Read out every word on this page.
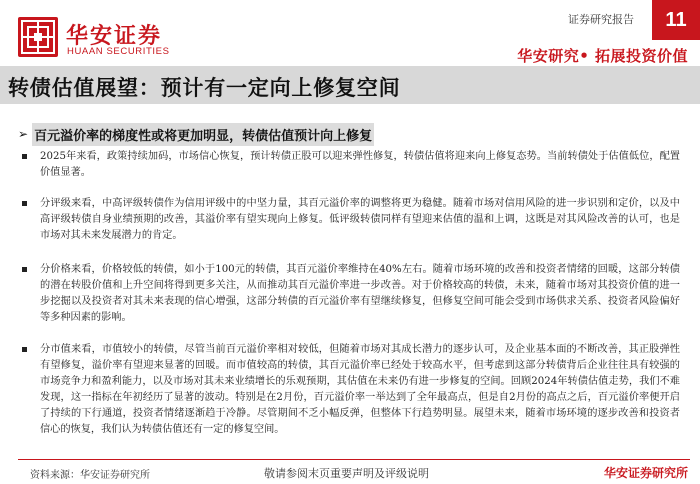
华安证券
HUAAN SECURITIES
证券研究报告	11
华安研究• 拓展投资价值
转债估值展望：预计有一定向上修复空间
➢ 百元溢价率的梯度性或将更加明显，转债估值预计向上修复
2025年来看，政策持续加码，市场信心恢复，预计转债正股可以迎来弹性修复，转债估值将迎来向上修复态势。当前转债处于估值低位，配置价值显著。
分评级来看，中高评级转债作为信用评级中的中坚力量，其百元溢价率的调整将更为稳健。随着市场对信用风险的进一步识别和定价，以及中高评级转债自身业绩预期的改善，其溢价率有望实现向上修复。低评级转债同样有望迎来估值的温和上调，这既是对其风险改善的认可，也是市场对其未来发展潜力的肯定。
分价格来看，价格较低的转债，如小于100元的转债，其百元溢价率维持在40%左右。随着市场环境的改善和投资者情绪的回暖，这部分转债的潜在转股价值和上升空间将得到更多关注，从而推动其百元溢价率进一步改善。对于价格较高的转债，未来，随着市场对其投资价值的进一步挖掘以及投资者对其未来表现的信心增强，这部分转债的百元溢价率有望继续修复，但修复空间可能会受到市场供求关系、投资者风险偏好等多种因素的影响。
分市值来看，市值较小的转债，尽管当前百元溢价率相对较低，但随着市场对其成长潜力的逐步认可，及企业基本面的不断改善，其正股弹性有望修复，溢价率有望迎来显著的回暖。而市值较高的转债，其百元溢价率已经处于较高水平，但考虑到这部分转债背后企业往往具有较强的市场竞争力和盈利能力，以及市场对其未来业绩增长的乐观预期，其估值在未来仍有进一步修复的空间。回顾2024年转债估值走势，我们不难发现，这一指标在年初经历了显著的波动。特别是在2月份，百元溢价率一举达到了全年最高点，但是自2月份的高点之后，百元溢价率便开启了持续的下行通道，投资者情绪逐渐趋于冷静。尽管期间不乏小幅反弹，但整体下行趋势明显。展望未来，随着市场环境的逐步改善和投资者信心的恢复，我们认为转债估值还有一定的修复空间。
资料来源：华安证券研究所	敬请参阅末页重要声明及评级说明	华安证券研究所
